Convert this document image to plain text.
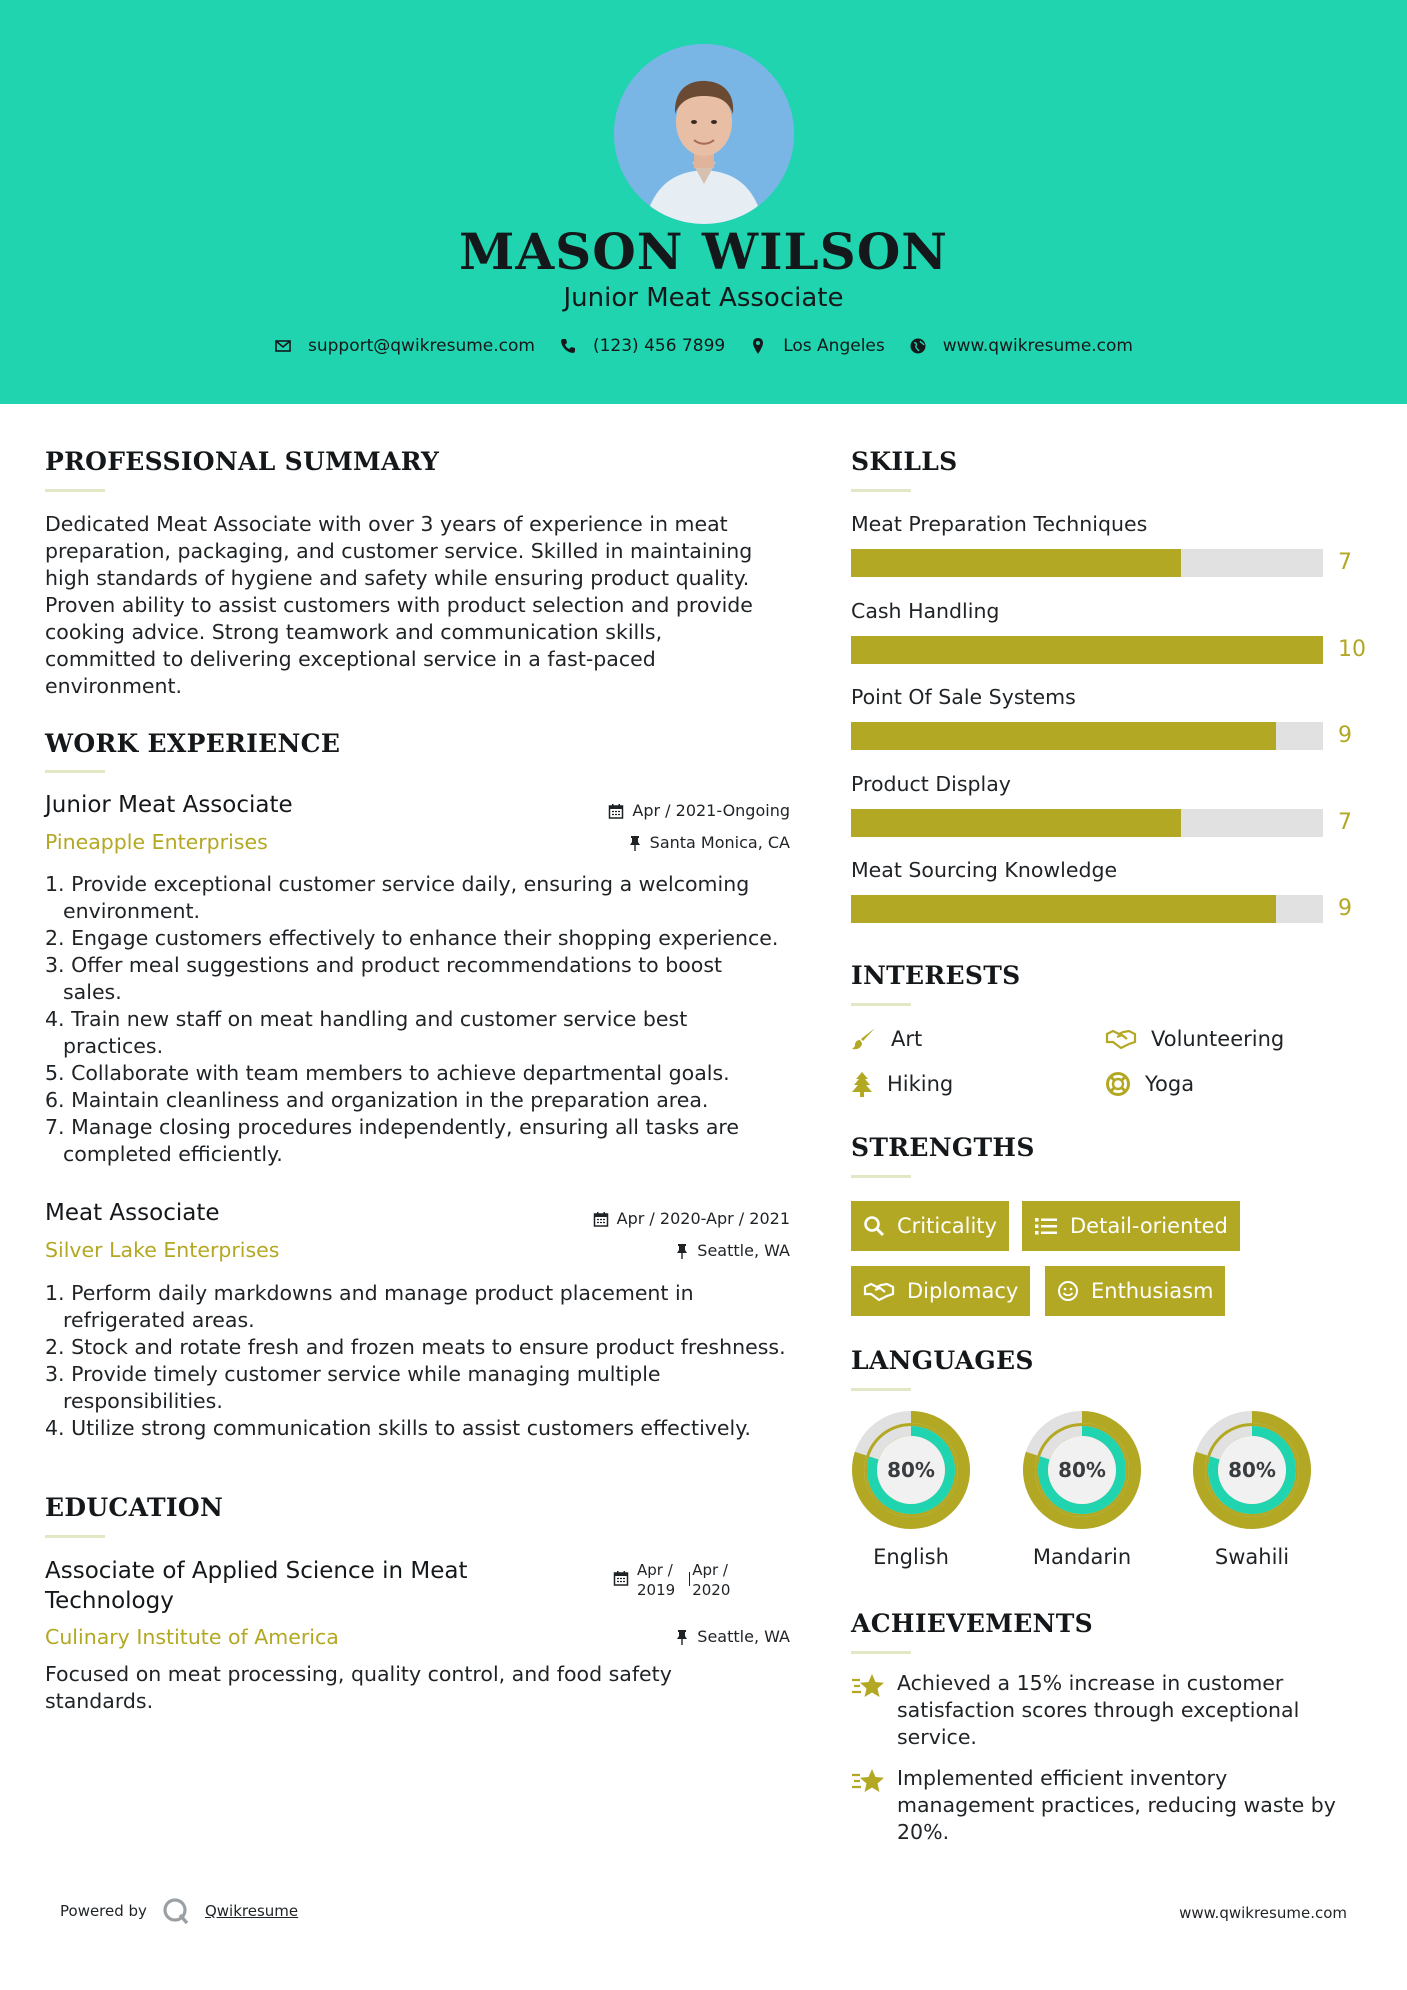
MASON WILSON
Junior Meat Associate
support@qwikresume.com	(123) 456 7899	Los Angeles	www.qwikresume.com
PROFESSIONAL SUMMARY
Dedicated Meat Associate with over 3 years of experience in meat
preparation, packaging, and customer service. Skilled in maintaining
high standards of hygiene and safety while ensuring product quality.
Proven ability to assist customers with product selection and provide
cooking advice. Strong teamwork and communication skills,
committed to delivering exceptional service in a fast-paced
environment.
WORK EXPERIENCE
Junior Meat Associate	Apr / 2021-Ongoing
Pineapple Enterprises	Santa Monica, CA
1. Provide exceptional customer service daily, ensuring a welcoming
environment.
2. Engage customers effectively to enhance their shopping experience.
3. Offer meal suggestions and product recommendations to boost
sales.
4. Train new staff on meat handling and customer service best
practices.
5. Collaborate with team members to achieve departmental goals.
6. Maintain cleanliness and organization in the preparation area.
7. Manage closing procedures independently, ensuring all tasks are
completed efficiently.
Meat Associate	Apr / 2020-Apr / 2021
Silver Lake Enterprises	Seattle, WA
1. Perform daily markdowns and manage product placement in
refrigerated areas.
2. Stock and rotate fresh and frozen meats to ensure product freshness.
3. Provide timely customer service while managing multiple
responsibilities.
4. Utilize strong communication skills to assist customers effectively.
EDUCATION
Associate of Applied Science in Meat
Technology
Apr /
2019
Apr /
2020
Culinary Institute of America	Seattle, WA
Focused on meat processing, quality control, and food safety
standards.
SKILLS
Meat Preparation Techniques
7
Cash Handling
10
Point Of Sale Systems
9
Product Display
7
Meat Sourcing Knowledge
9
INTERESTS
Art	Volunteering
Hiking	Yoga
STRENGTHS
Criticality	Detail-oriented
Diplomacy	Enthusiasm
LANGUAGES
80%
English
80%
Mandarin
80%
Swahili
ACHIEVEMENTS
Achieved a 15% increase in customer
satisfaction scores through exceptional
service.
Implemented efficient inventory
management practices, reducing waste by
20%.
Powered by	Qwikresume	www.qwikresume.com
